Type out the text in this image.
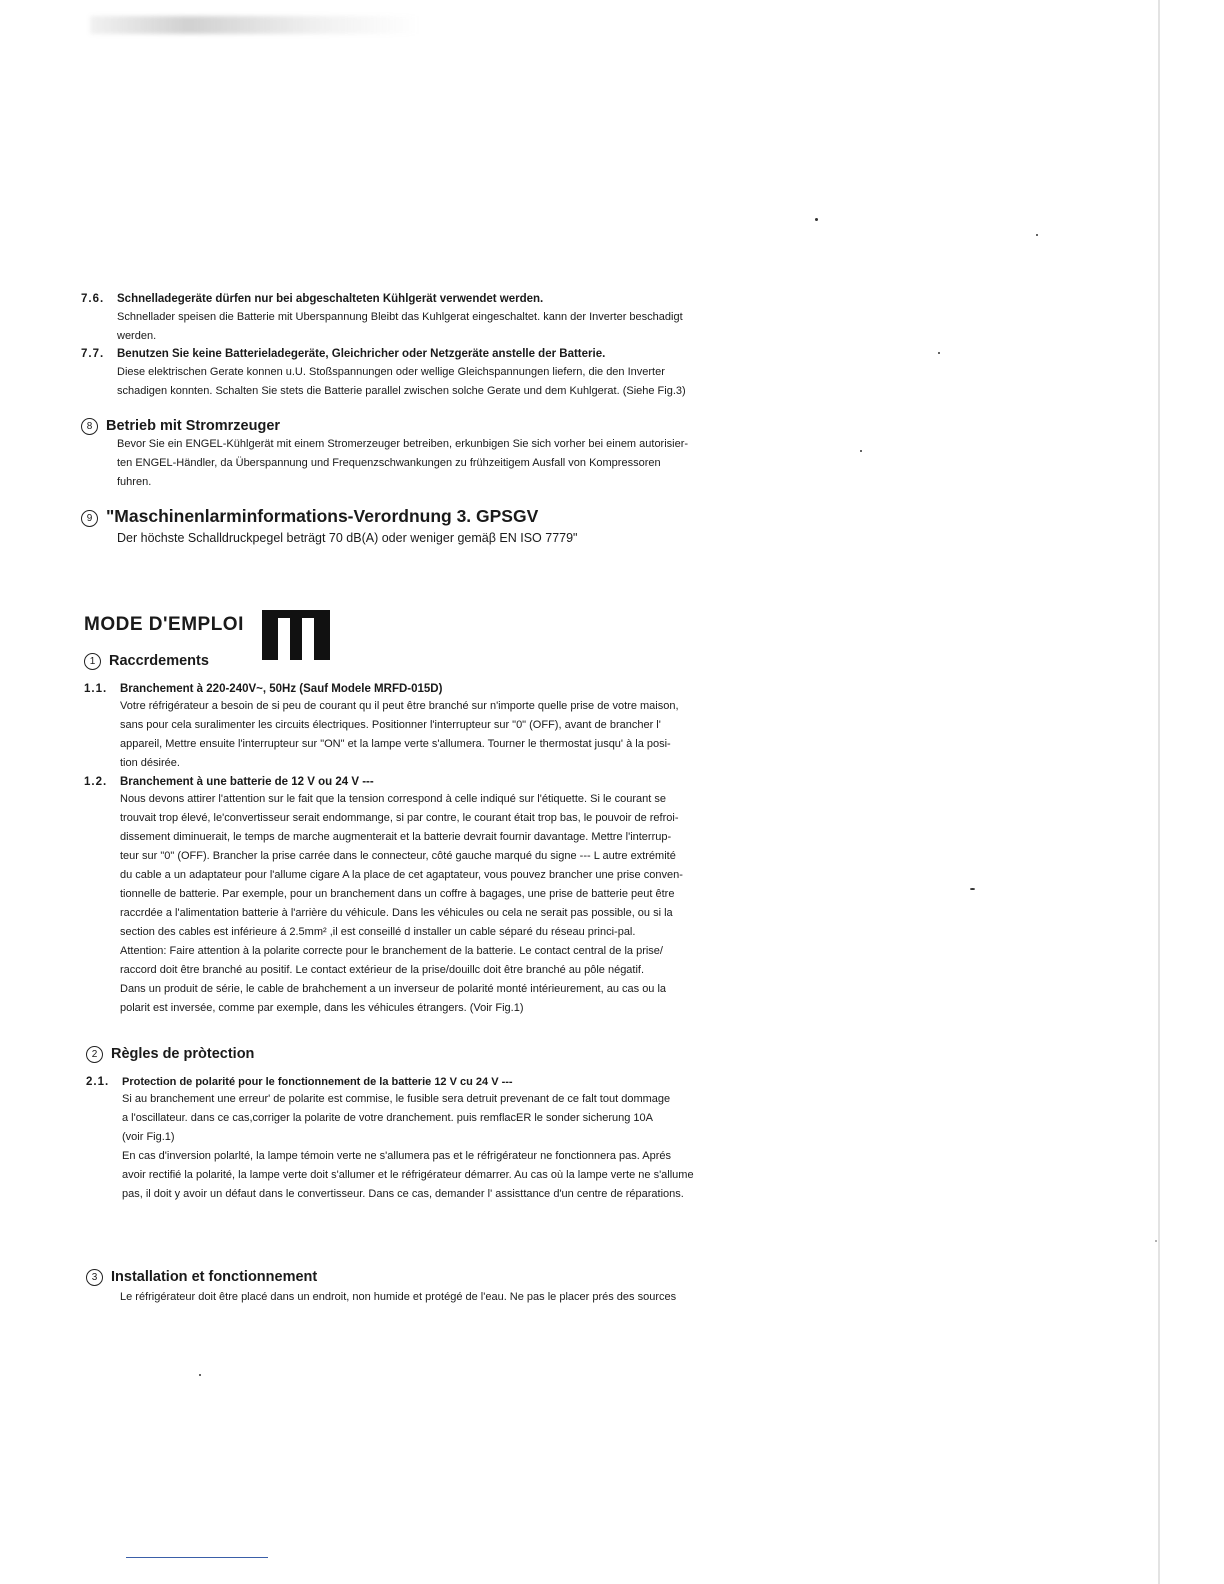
7.6. Schnelladegeräte dürfen nur bei abgeschalteten Kühlgerät verwendet werden.
Schnellader speisen die Batterie mit Uberspannung Bleibt das Kuhlgerat eingeschaltet. kann der Inverter beschadigt
werden.
7.7. Benutzen Sie keine Batterieladegeräte, Gleichricher oder Netzgeräte anstelle der Batterie.
Diese elektrischen Gerate konnen u.U. Stoßspannungen oder wellige Gleichspannungen liefern, die den Inverter
schadigen konnten. Schalten Sie stets die Batterie parallel zwischen solche Gerate und dem Kuhlgerat. (Siehe Fig.3)
8 Betrieb mit Stromrzeuger
Bevor Sie ein ENGEL-Kühlgerät mit einem Stromerzeuger betreiben, erkunbigen Sie sich vorher bei einem autorisier-
ten ENGEL-Händler, da Überspannung und Frequenzschwankungen zu frühzeitigem Ausfall von Kompressoren
fuhren.
9 "Maschinenlarminformations-Verordnung 3. GPSGV
Der höchste Schalldruckpegel beträgt 70 dB(A) oder weniger gemäβ EN ISO 7779"
MODE D'EMPLOI
1 Raccrdements
1.1. Branchement à 220-240V~, 50Hz (Sauf Modele MRFD-015D)
Votre réfrigérateur a besoin de si peu de courant qu il peut être branché sur n'importe quelle prise de votre maison,
sans pour cela suralimenter les circuits électriques. Positionner l'interrupteur sur "0" (OFF), avant de brancher l'
appareil, Mettre ensuite l'interrupteur sur "ON" et la lampe verte s'allumera. Tourner le thermostat jusqu' à la posi-
tion désirée.
1.2. Branchement à une batterie de 12 V ou 24 V ---
Nous devons attirer l'attention sur le fait que la tension correspond à celle indiqué sur l'étiquette. Si le courant se
trouvait trop élevé, le'convertisseur serait endommange, si par contre, le courant était trop bas, le pouvoir de refroi-
dissement diminuerait, le temps de marche augmenterait et la batterie devrait fournir davantage. Mettre l'interrup-
teur sur "0" (OFF). Brancher la prise carrée dans le connecteur, côté gauche marqué du signe --- L autre extrémité
du cable a un adaptateur pour l'allume cigare A la place de cet agaptateur, vous pouvez brancher une prise conven-
tionnelle de batterie. Par exemple, pour un branchement dans un coffre à bagages, une prise de batterie peut être
raccrdée a l'alimentation batterie à l'arrière du véhicule. Dans les véhicules ou cela ne serait pas possible, ou si la
section des cables est inférieure á 2.5mm² ,il est conseillé d installer un cable séparé du réseau princi-pal.
Attention: Faire attention à la polarite correcte pour le branchement de la batterie. Le contact central de la prise/
raccord doit être branché au positif. Le contact extérieur de la prise/douillc doit être branché au pôle négatif.
Dans un produit de série, le cable de brahchement a un inverseur de polarité monté intérieurement, au cas ou la
polarit est inversée, comme par exemple, dans les véhicules étrangers. (Voir Fig.1)
2 Règles de pròtection
2.1. Protection de polarité pour le fonctionnement de la batterie 12 V cu 24 V ---
Si au branchement une erreur' de polarite est commise, le fusible sera detruit prevenant de ce falt tout dommage
a l'oscillateur. dans ce cas,corriger la polarite de votre dranchement. puis remflacER le sonder sicherung 10A
(voir Fig.1)
En cas d'inversion polarlté, la lampe témoin verte ne s'allumera pas et le réfrigérateur ne fonctionnera pas. Aprés
avoir rectifié la polarité, la lampe verte doit s'allumer et le réfrigérateur démarrer. Au cas où la lampe verte ne s'allume
pas, il doit y avoir un défaut dans le convertisseur. Dans ce cas, demander l' assisttance d'un centre de réparations.
3 Installation et fonctionnement
Le réfrigérateur doit être placé dans un endroit, non humide et protégé de l'eau. Ne pas le placer prés des sources
